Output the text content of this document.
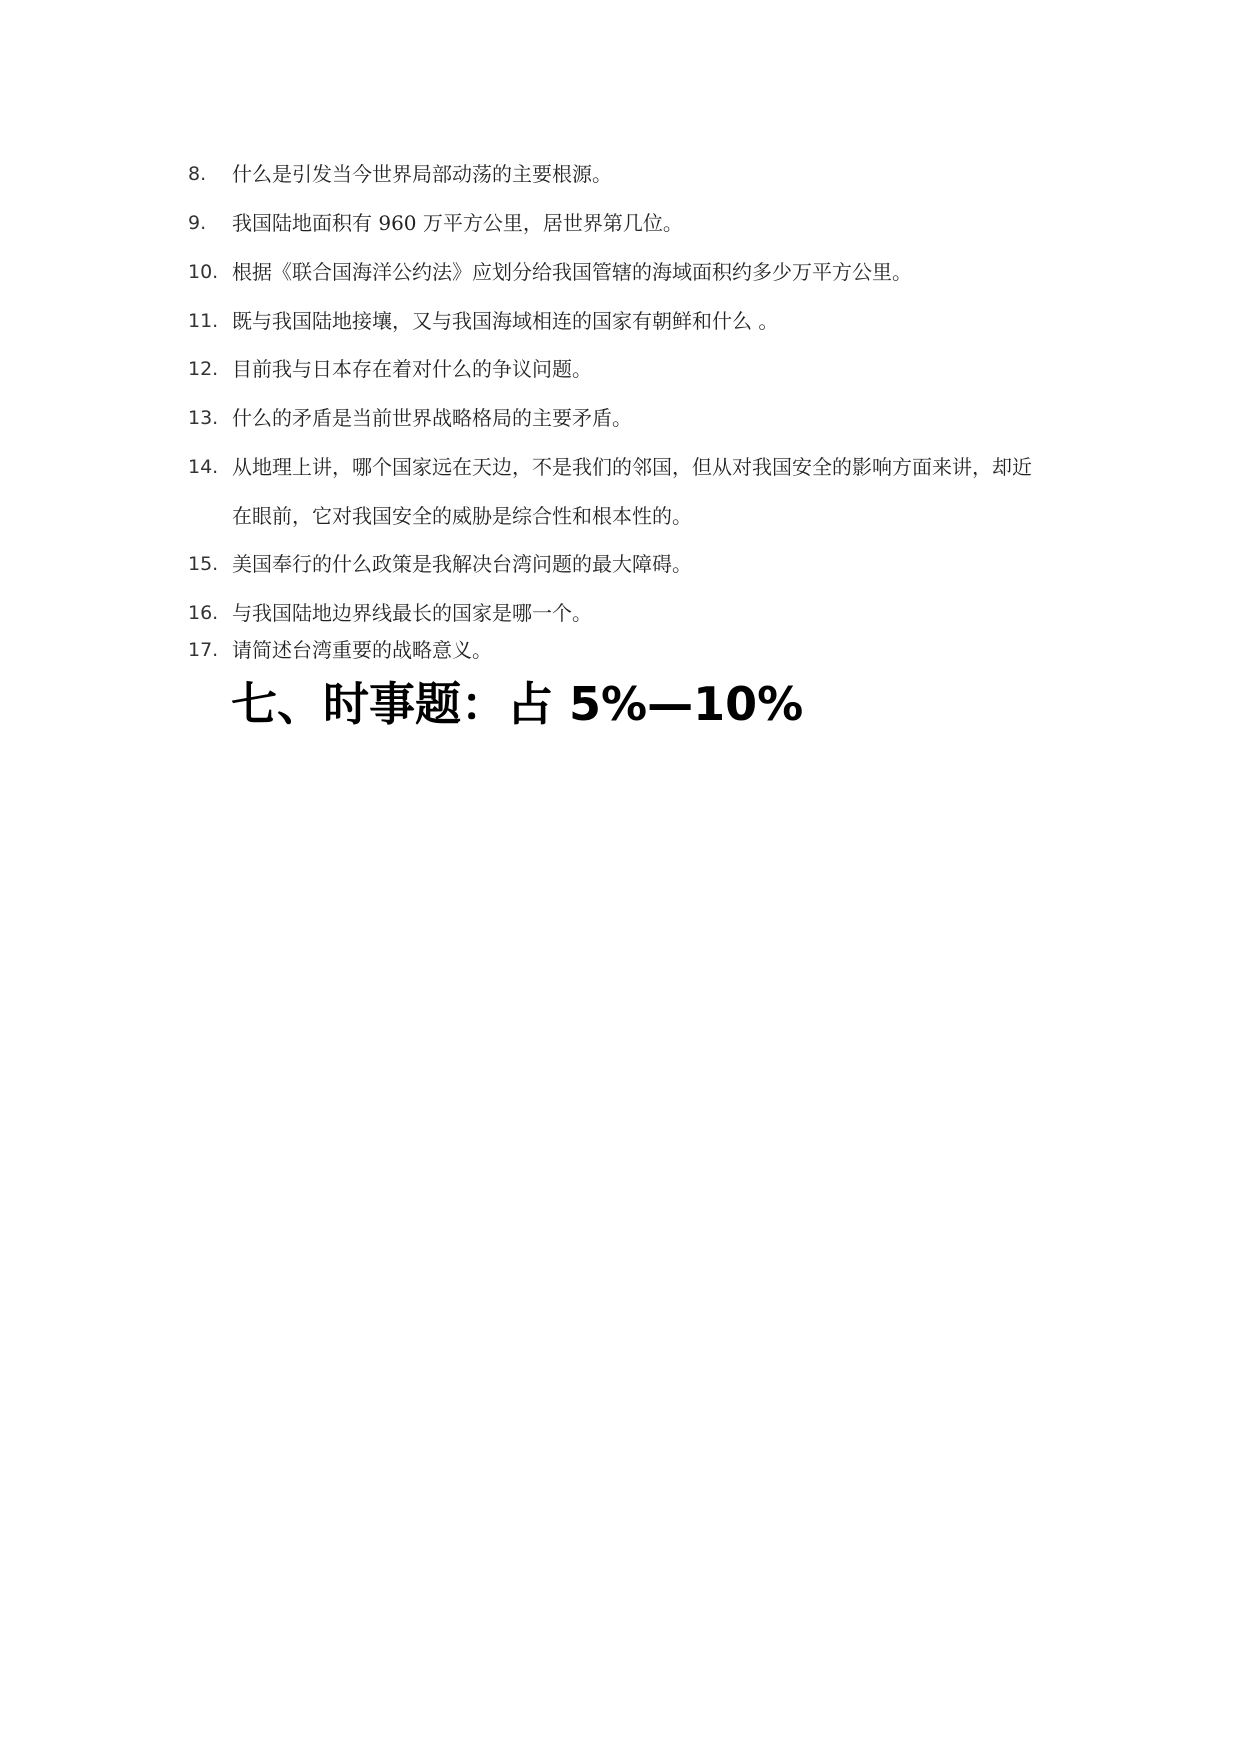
8. 什么是引发当今世界局部动荡的主要根源。
9. 我国陆地面积有 960 万平方公里，居世界第几位。
10. 根据《联合国海洋公约法》应划分给我国管辖的海域面积约多少万平方公里。
11. 既与我国陆地接壤，又与我国海域相连的国家有朝鲜和什么 。
12. 目前我与日本存在着对什么的争议问题。
13. 什么的矛盾是当前世界战略格局的主要矛盾。
14. 从地理上讲，哪个国家远在天边，不是我们的邻国，但从对我国安全的影响方面来讲，却近
在眼前，它对我国安全的威胁是综合性和根本性的。
15. 美国奉行的什么政策是我解决台湾问题的最大障碍。
16. 与我国陆地边界线最长的国家是哪一个。
17. 请简述台湾重要的战略意义。
七、时事题：占 5%—10%
